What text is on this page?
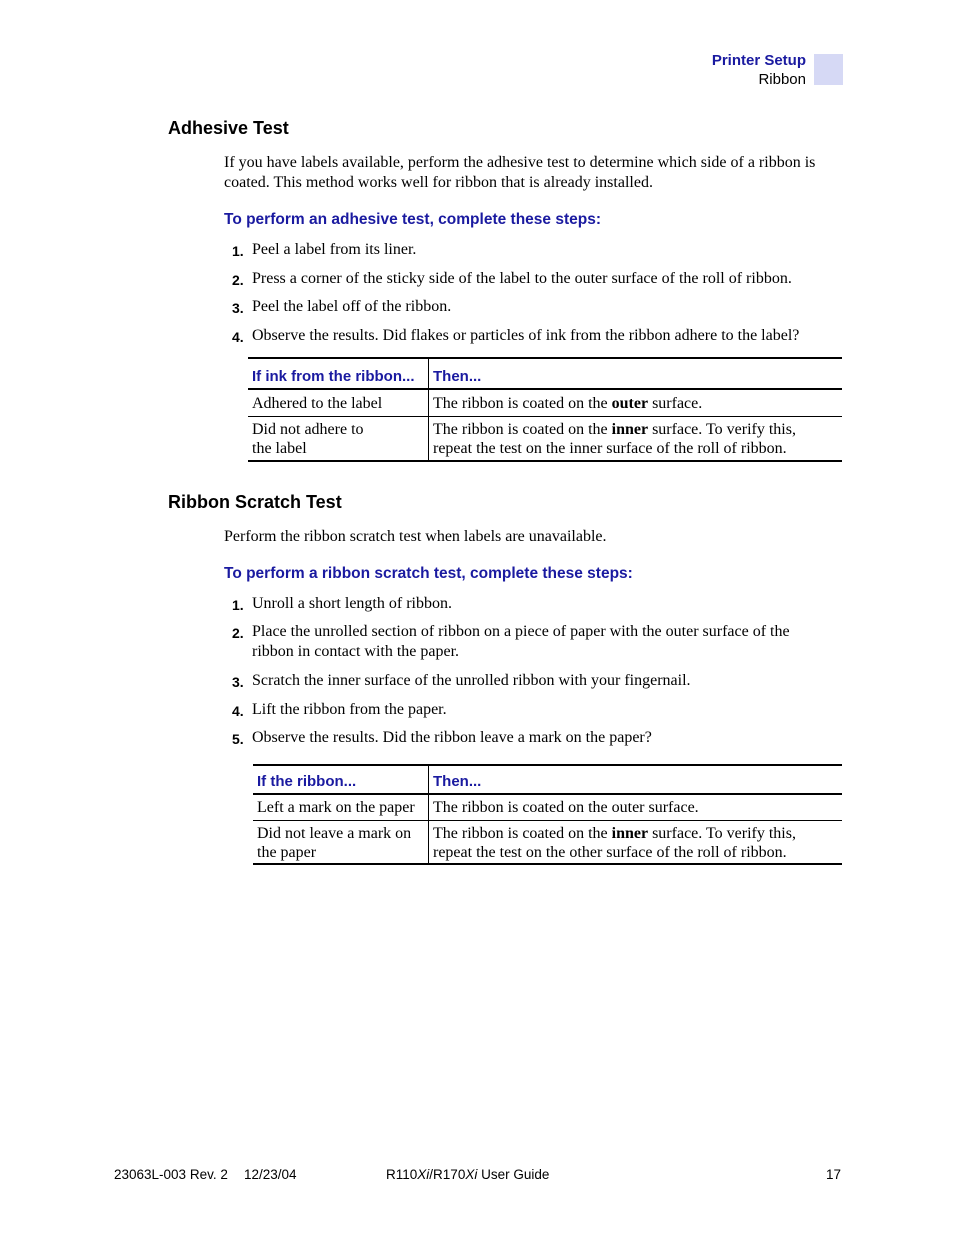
Printer Setup
Ribbon
Adhesive Test

If you have labels available, perform the adhesive test to determine which side of a ribbon is
coated. This method works well for ribbon that is already installed.

To perform an adhesive test, complete these steps:
1. Peel a label from its liner.
2. Press a corner of the sticky side of the label to the outer surface of the roll of ribbon.
3. Peel the label off of the ribbon.
4. Observe the results. Did flakes or particles of ink from the ribbon adhere to the label?
If ink from the ribbon...	Then...

Adhered to the label	The ribbon is coated on the outer surface.

Did not adhere to
the label	The ribbon is coated on the inner surface. To verify this,
repeat the test on the inner surface of the roll of ribbon.
Ribbon Scratch Test

Perform the ribbon scratch test when labels are unavailable.

To perform a ribbon scratch test, complete these steps:
1. Unroll a short length of ribbon.
2. Place the unrolled section of ribbon on a piece of paper with the outer surface of the
ribbon in contact with the paper.
3. Scratch the inner surface of the unrolled ribbon with your fingernail.
4. Lift the ribbon from the paper.
5. Observe the results. Did the ribbon leave a mark on the paper?
If the ribbon...	Then...

Left a mark on the paper	The ribbon is coated on the outer surface.

Did not leave a mark on
the paper	The ribbon is coated on the inner surface. To verify this,
repeat the test on the other surface of the roll of ribbon.
23063L-003 Rev. 2 12/23/04	R110Xi/R170Xi User Guide	17
